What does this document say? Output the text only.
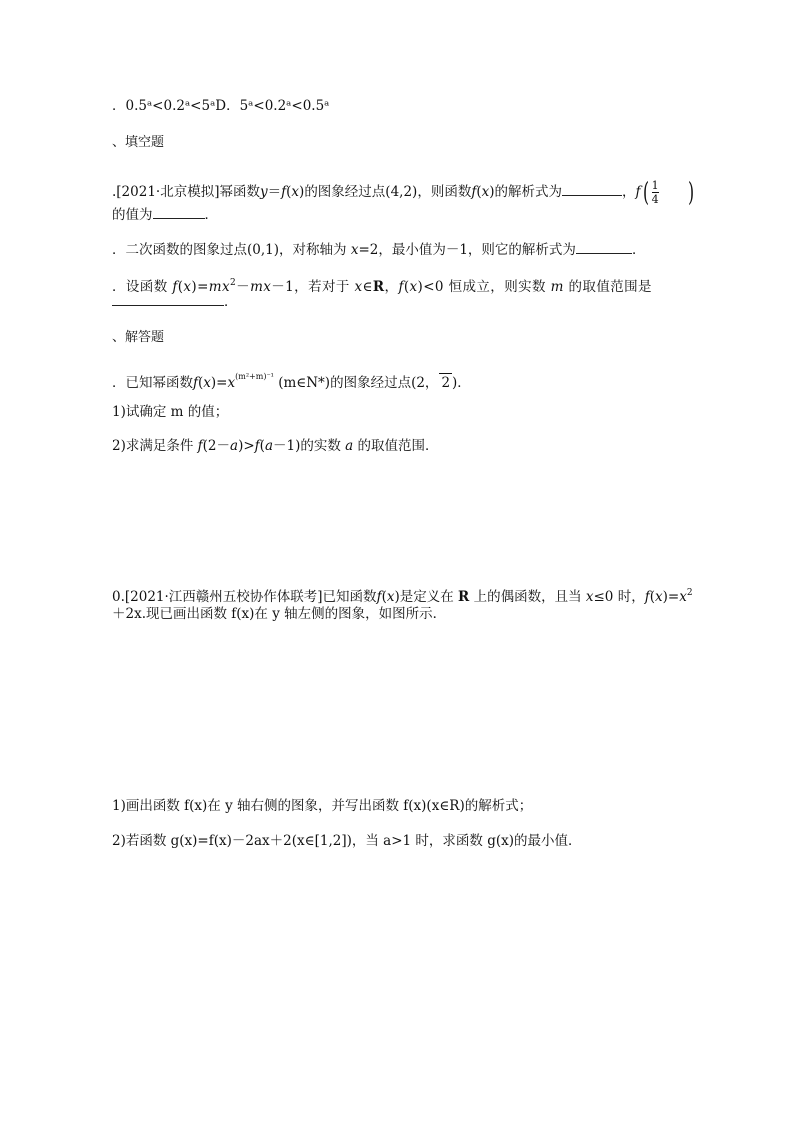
．0.5ᵃ<0.2ᵃ<5ᵃD．5ᵃ<0.2ᵃ<0.5ᵃ
、填空题
.[2021·北京模拟]幂函数y＝f(x)的图象经过点(4,2)，则函数f(x)的解析式为	，$f( \frac{1}{4}$ )
的值为	．
．二次函数的图象过点(0,1)，对称轴为 x=2，最小值为－1，则它的解析式为	．
．设函数 $f(x)=mx^2-mx-1$，若对于 x∈R，f(x)<0 恒成立，则实数 m 的取值范围是
．
、解答题
．已知幂函数$f(x)=x^{(m^2+m)^{-1}}$ (m∈N*)的图象经过点(2， 2 )．
1)试确定 m 的值；
2)求满足条件 f(2－a)>f(a－1)的实数 a 的取值范围．
0.[2021·江西赣州五校协作体联考]已知函数f(x)是定义在 R 上的偶函数，且当 x≤0 时，$f(x)=x^2$
＋2x.现已画出函数 f(x)在 y 轴左侧的图象，如图所示．
1)画出函数 f(x)在 y 轴右侧的图象，并写出函数 f(x)(x∈R)的解析式；
2)若函数 g(x)=f(x)－2ax＋2(x∈[1,2])，当 a>1 时，求函数 g(x)的最小值．
